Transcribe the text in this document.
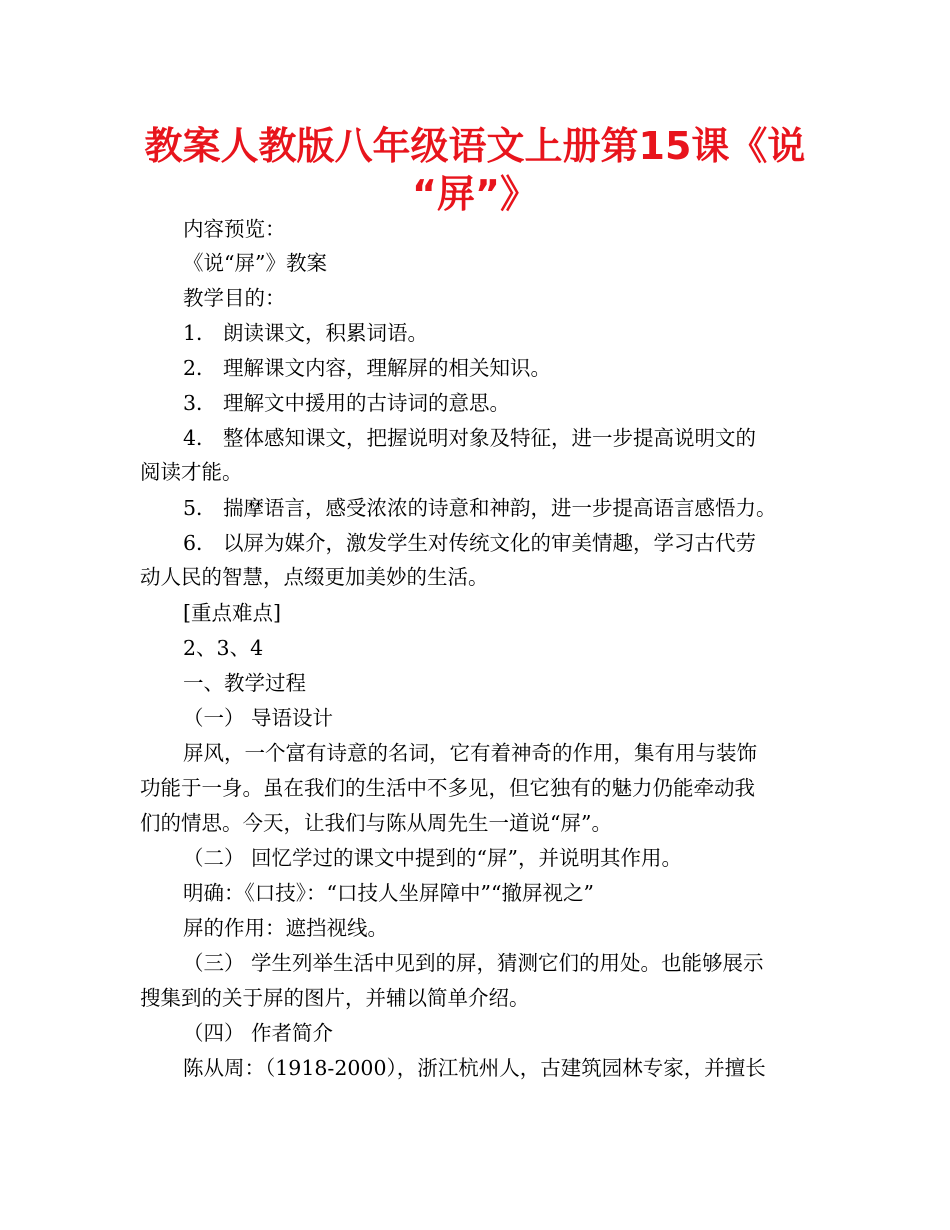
教案人教版八年级语文上册第15课《说
“屏”》

内容预览：

《说“屏”》教案

教学目的：

1． 朗读课文，积累词语。

2． 理解课文内容，理解屏的相关知识。

3． 理解文中援用的古诗词的意思。

4． 整体感知课文，把握说明对象及特征，进一步提高说明文的

阅读才能。

5． 揣摩语言，感受浓浓的诗意和神韵，进一步提高语言感悟力。

6． 以屏为媒介，激发学生对传统文化的审美情趣，学习古代劳

动人民的智慧，点缀更加美妙的生活。

[重点难点]

2、3、4

一、教学过程

（一） 导语设计

屏风，一个富有诗意的名词，它有着神奇的作用，集有用与装饰

功能于一身。虽在我们的生活中不多见，但它独有的魅力仍能牵动我

们的情思。今天，让我们与陈从周先生一道说“屏”。

（二） 回忆学过的课文中提到的“屏”，并说明其作用。

明确：《口技》：“口技人坐屏障中”“撤屏视之”

屏的作用：遮挡视线。

（三） 学生列举生活中见到的屏，猜测它们的用处。也能够展示

搜集到的关于屏的图片，并辅以简单介绍。

（四） 作者简介

陈从周：（1918-2000），浙江杭州人，古建筑园林专家，并擅长
